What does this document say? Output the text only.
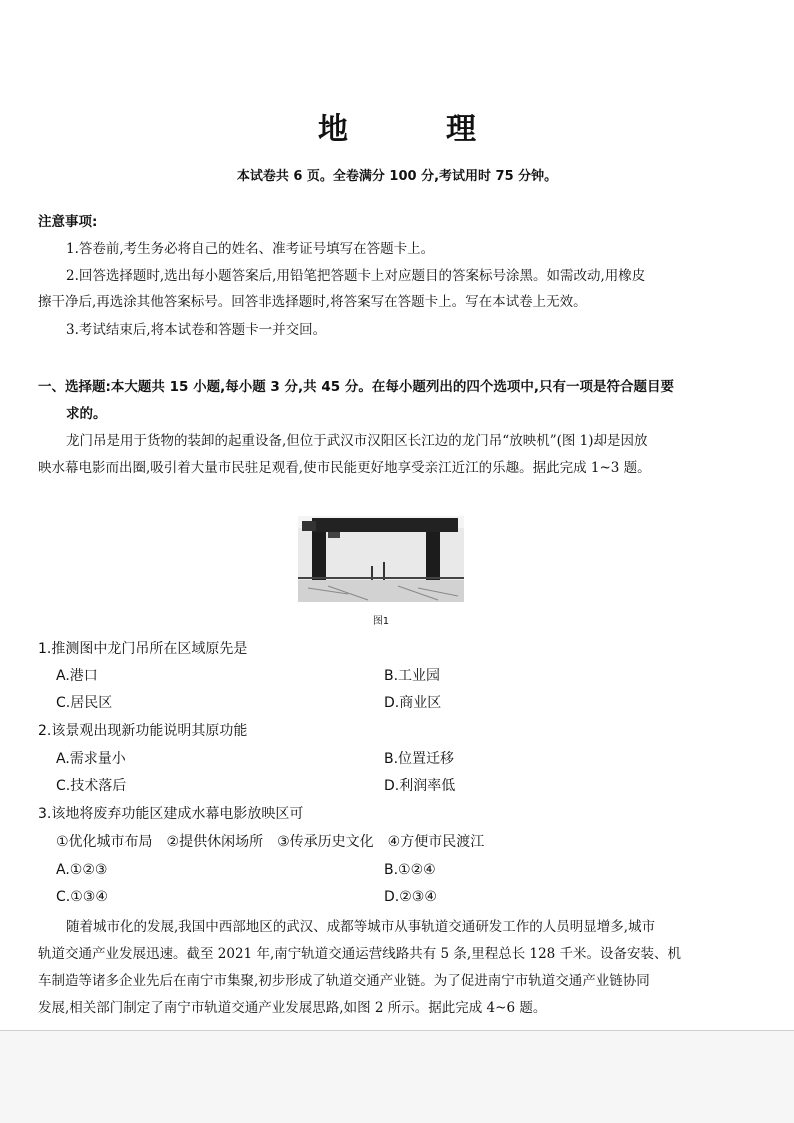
地　理
本试卷共 6 页。全卷满分 100 分,考试用时 75 分钟。
注意事项:
1.答卷前,考生务必将自己的姓名、准考证号填写在答题卡上。
2.回答选择题时,选出每小题答案后,用铅笔把答题卡上对应题目的答案标号涂黑。如需改动,用橡皮
擦干净后,再选涂其他答案标号。回答非选择题时,将答案写在答题卡上。写在本试卷上无效。
3.考试结束后,将本试卷和答题卡一并交回。
一、选择题:本大题共 15 小题,每小题 3 分,共 45 分。在每小题列出的四个选项中,只有一项是符合题目要
求的。
龙门吊是用于货物的装卸的起重设备,但位于武汉市汉阳区长江边的龙门吊“放映机”(图 1)却是因放
映水幕电影而出圈,吸引着大量市民驻足观看,使市民能更好地享受亲江近江的乐趣。据此完成 1~3 题。
图1
1.推测图中龙门吊所在区域原先是
A.港口	B.工业园
C.居民区	D.商业区
2.该景观出现新功能说明其原功能
A.需求量小	B.位置迁移
C.技术落后	D.利润率低
3.该地将废弃功能区建成水幕电影放映区可
①优化城市布局　②提供休闲场所　③传承历史文化　④方便市民渡江
A.①②③	B.①②④
C.①③④	D.②③④
随着城市化的发展,我国中西部地区的武汉、成都等城市从事轨道交通研发工作的人员明显增多,城市
轨道交通产业发展迅速。截至 2021 年,南宁轨道交通运营线路共有 5 条,里程总长 128 千米。设备安装、机
车制造等诸多企业先后在南宁市集聚,初步形成了轨道交通产业链。为了促进南宁市轨道交通产业链协同
发展,相关部门制定了南宁市轨道交通产业发展思路,如图 2 所示。据此完成 4~6 题。
